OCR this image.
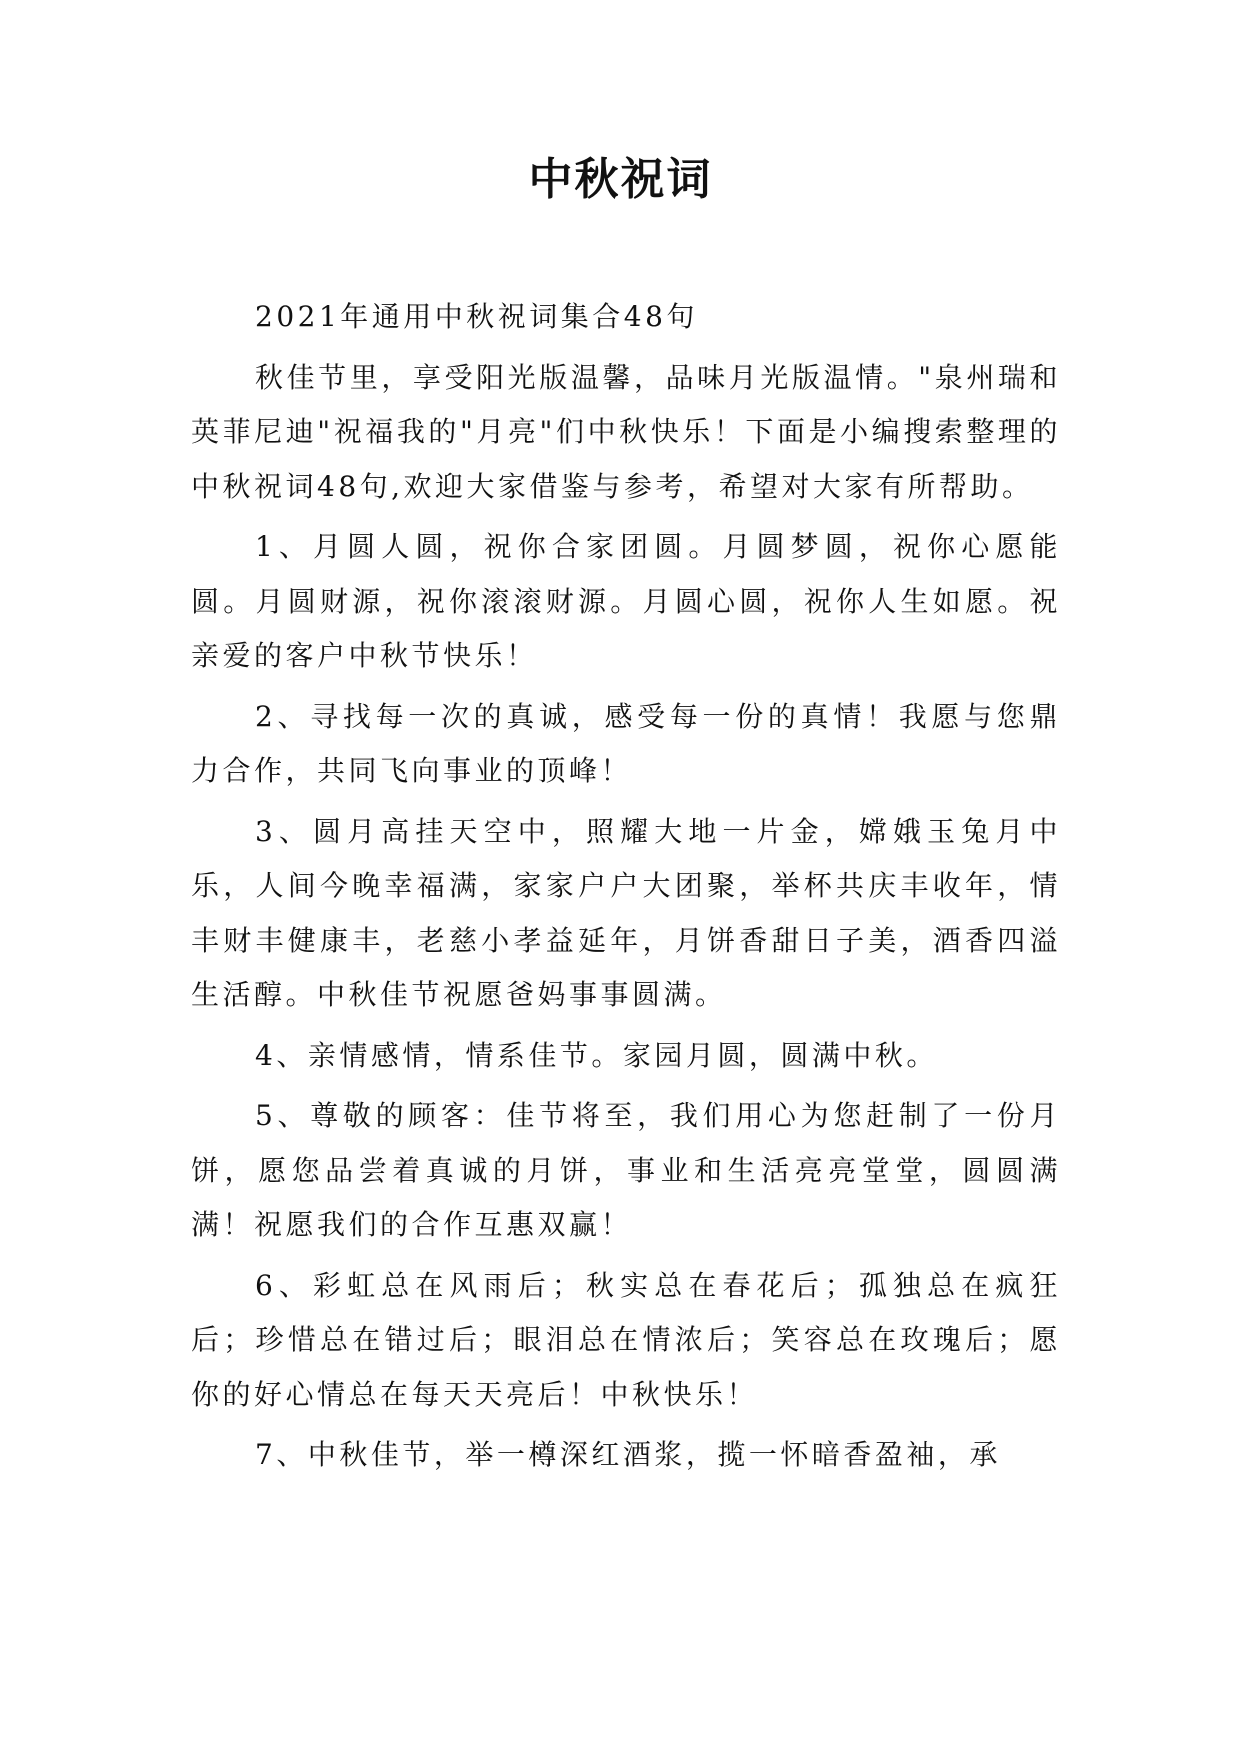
中秋祝词

2021年通用中秋祝词集合48句

秋佳节里，享受阳光版温馨，品味月光版温情。"泉州瑞和英菲尼迪"祝福我的"月亮"们中秋快乐！下面是小编搜索整理的中秋祝词48句,欢迎大家借鉴与参考，希望对大家有所帮助。

1、月圆人圆，祝你合家团圆。月圆梦圆，祝你心愿能圆。月圆财源，祝你滚滚财源。月圆心圆，祝你人生如愿。祝亲爱的客户中秋节快乐！

2、寻找每一次的真诚，感受每一份的真情！我愿与您鼎力合作，共同飞向事业的顶峰！

3、圆月高挂天空中，照耀大地一片金，嫦娥玉兔月中乐，人间今晚幸福满，家家户户大团聚，举杯共庆丰收年，情丰财丰健康丰，老慈小孝益延年，月饼香甜日子美，酒香四溢生活醇。中秋佳节祝愿爸妈事事圆满。

4、亲情感情，情系佳节。家园月圆，圆满中秋。

5、尊敬的顾客：佳节将至，我们用心为您赶制了一份月饼，愿您品尝着真诚的月饼，事业和生活亮亮堂堂，圆圆满满！祝愿我们的合作互惠双赢！

6、彩虹总在风雨后；秋实总在春花后；孤独总在疯狂后；珍惜总在错过后；眼泪总在情浓后；笑容总在玫瑰后；愿你的好心情总在每天天亮后！中秋快乐！

7、中秋佳节，举一樽深红酒浆，揽一怀暗香盈袖，承
